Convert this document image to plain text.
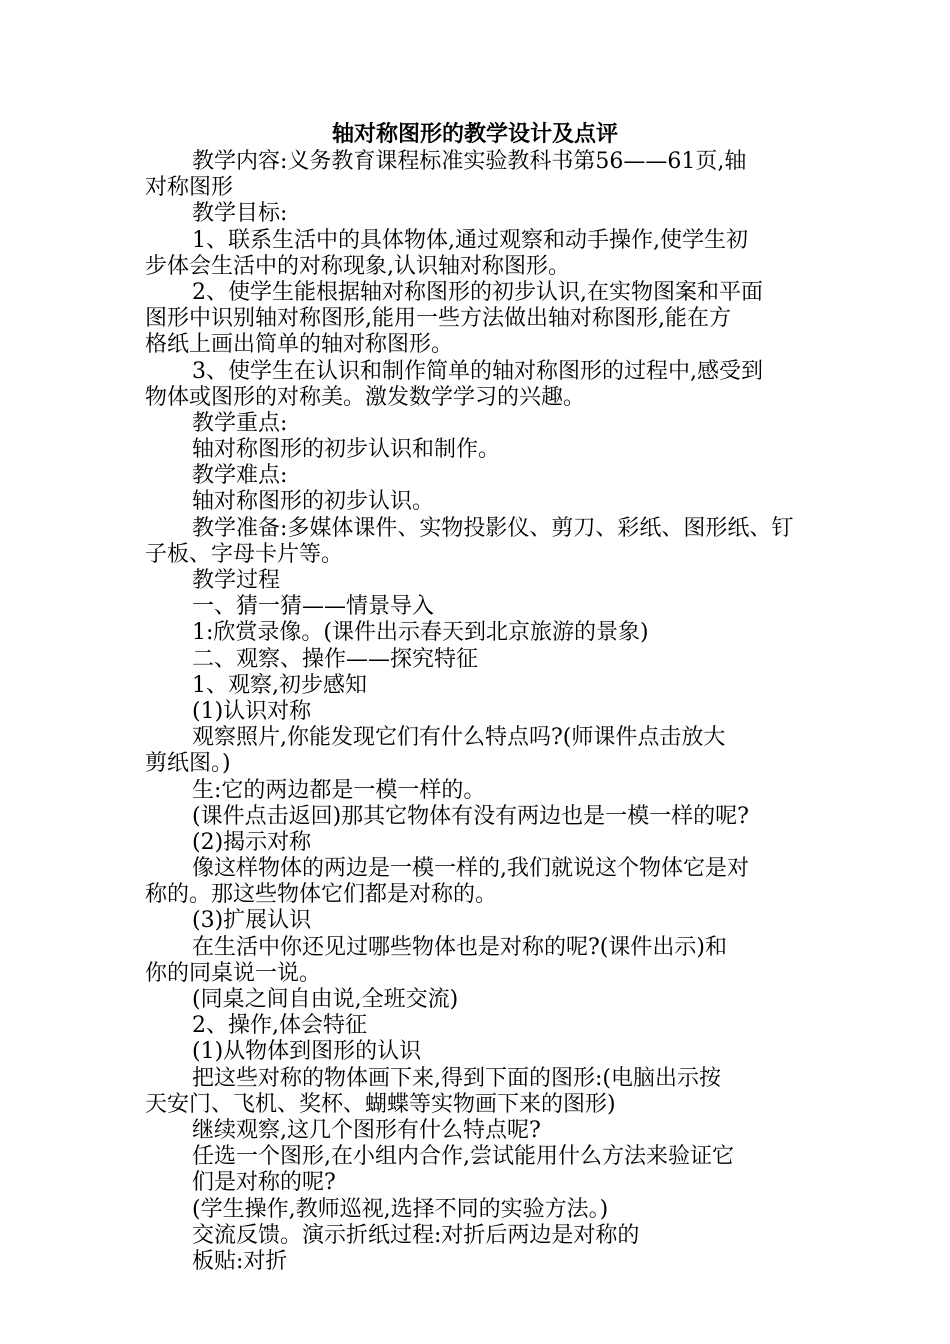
轴对称图形的教学设计及点评
教学内容:义务教育课程标准实验教科书第56——61页,轴
对称图形
教学目标:
1、联系生活中的具体物体,通过观察和动手操作,使学生初
步体会生活中的对称现象,认识轴对称图形。
2、使学生能根据轴对称图形的初步认识,在实物图案和平面
图形中识别轴对称图形,能用一些方法做出轴对称图形,能在方
格纸上画出简单的轴对称图形。
3、使学生在认识和制作简单的轴对称图形的过程中,感受到
物体或图形的对称美。激发数学学习的兴趣。
教学重点:
轴对称图形的初步认识和制作。
教学难点:
轴对称图形的初步认识。
教学准备:多媒体课件、实物投影仪、剪刀、彩纸、图形纸、钉
子板、字母卡片等。
教学过程
一、猜一猜——情景导入
1:欣赏录像。(课件出示春天到北京旅游的景象)
二、观察、操作——探究特征
1、观察,初步感知
(1)认识对称
观察照片,你能发现它们有什么特点吗?(师课件点击放大
剪纸图。)
生:它的两边都是一模一样的。
(课件点击返回)那其它物体有没有两边也是一模一样的呢?
(2)揭示对称
像这样物体的两边是一模一样的,我们就说这个物体它是对
称的。那这些物体它们都是对称的。
(3)扩展认识
在生活中你还见过哪些物体也是对称的呢?(课件出示)和
你的同桌说一说。
(同桌之间自由说,全班交流)
2、操作,体会特征
(1)从物体到图形的认识
把这些对称的物体画下来,得到下面的图形:(电脑出示按
天安门、飞机、奖杯、蝴蝶等实物画下来的图形)
继续观察,这几个图形有什么特点呢?
任选一个图形,在小组内合作,尝试能用什么方法来验证它
们是对称的呢?
(学生操作,教师巡视,选择不同的实验方法。)
交流反馈。演示折纸过程:对折后两边是对称的
板贴:对折
